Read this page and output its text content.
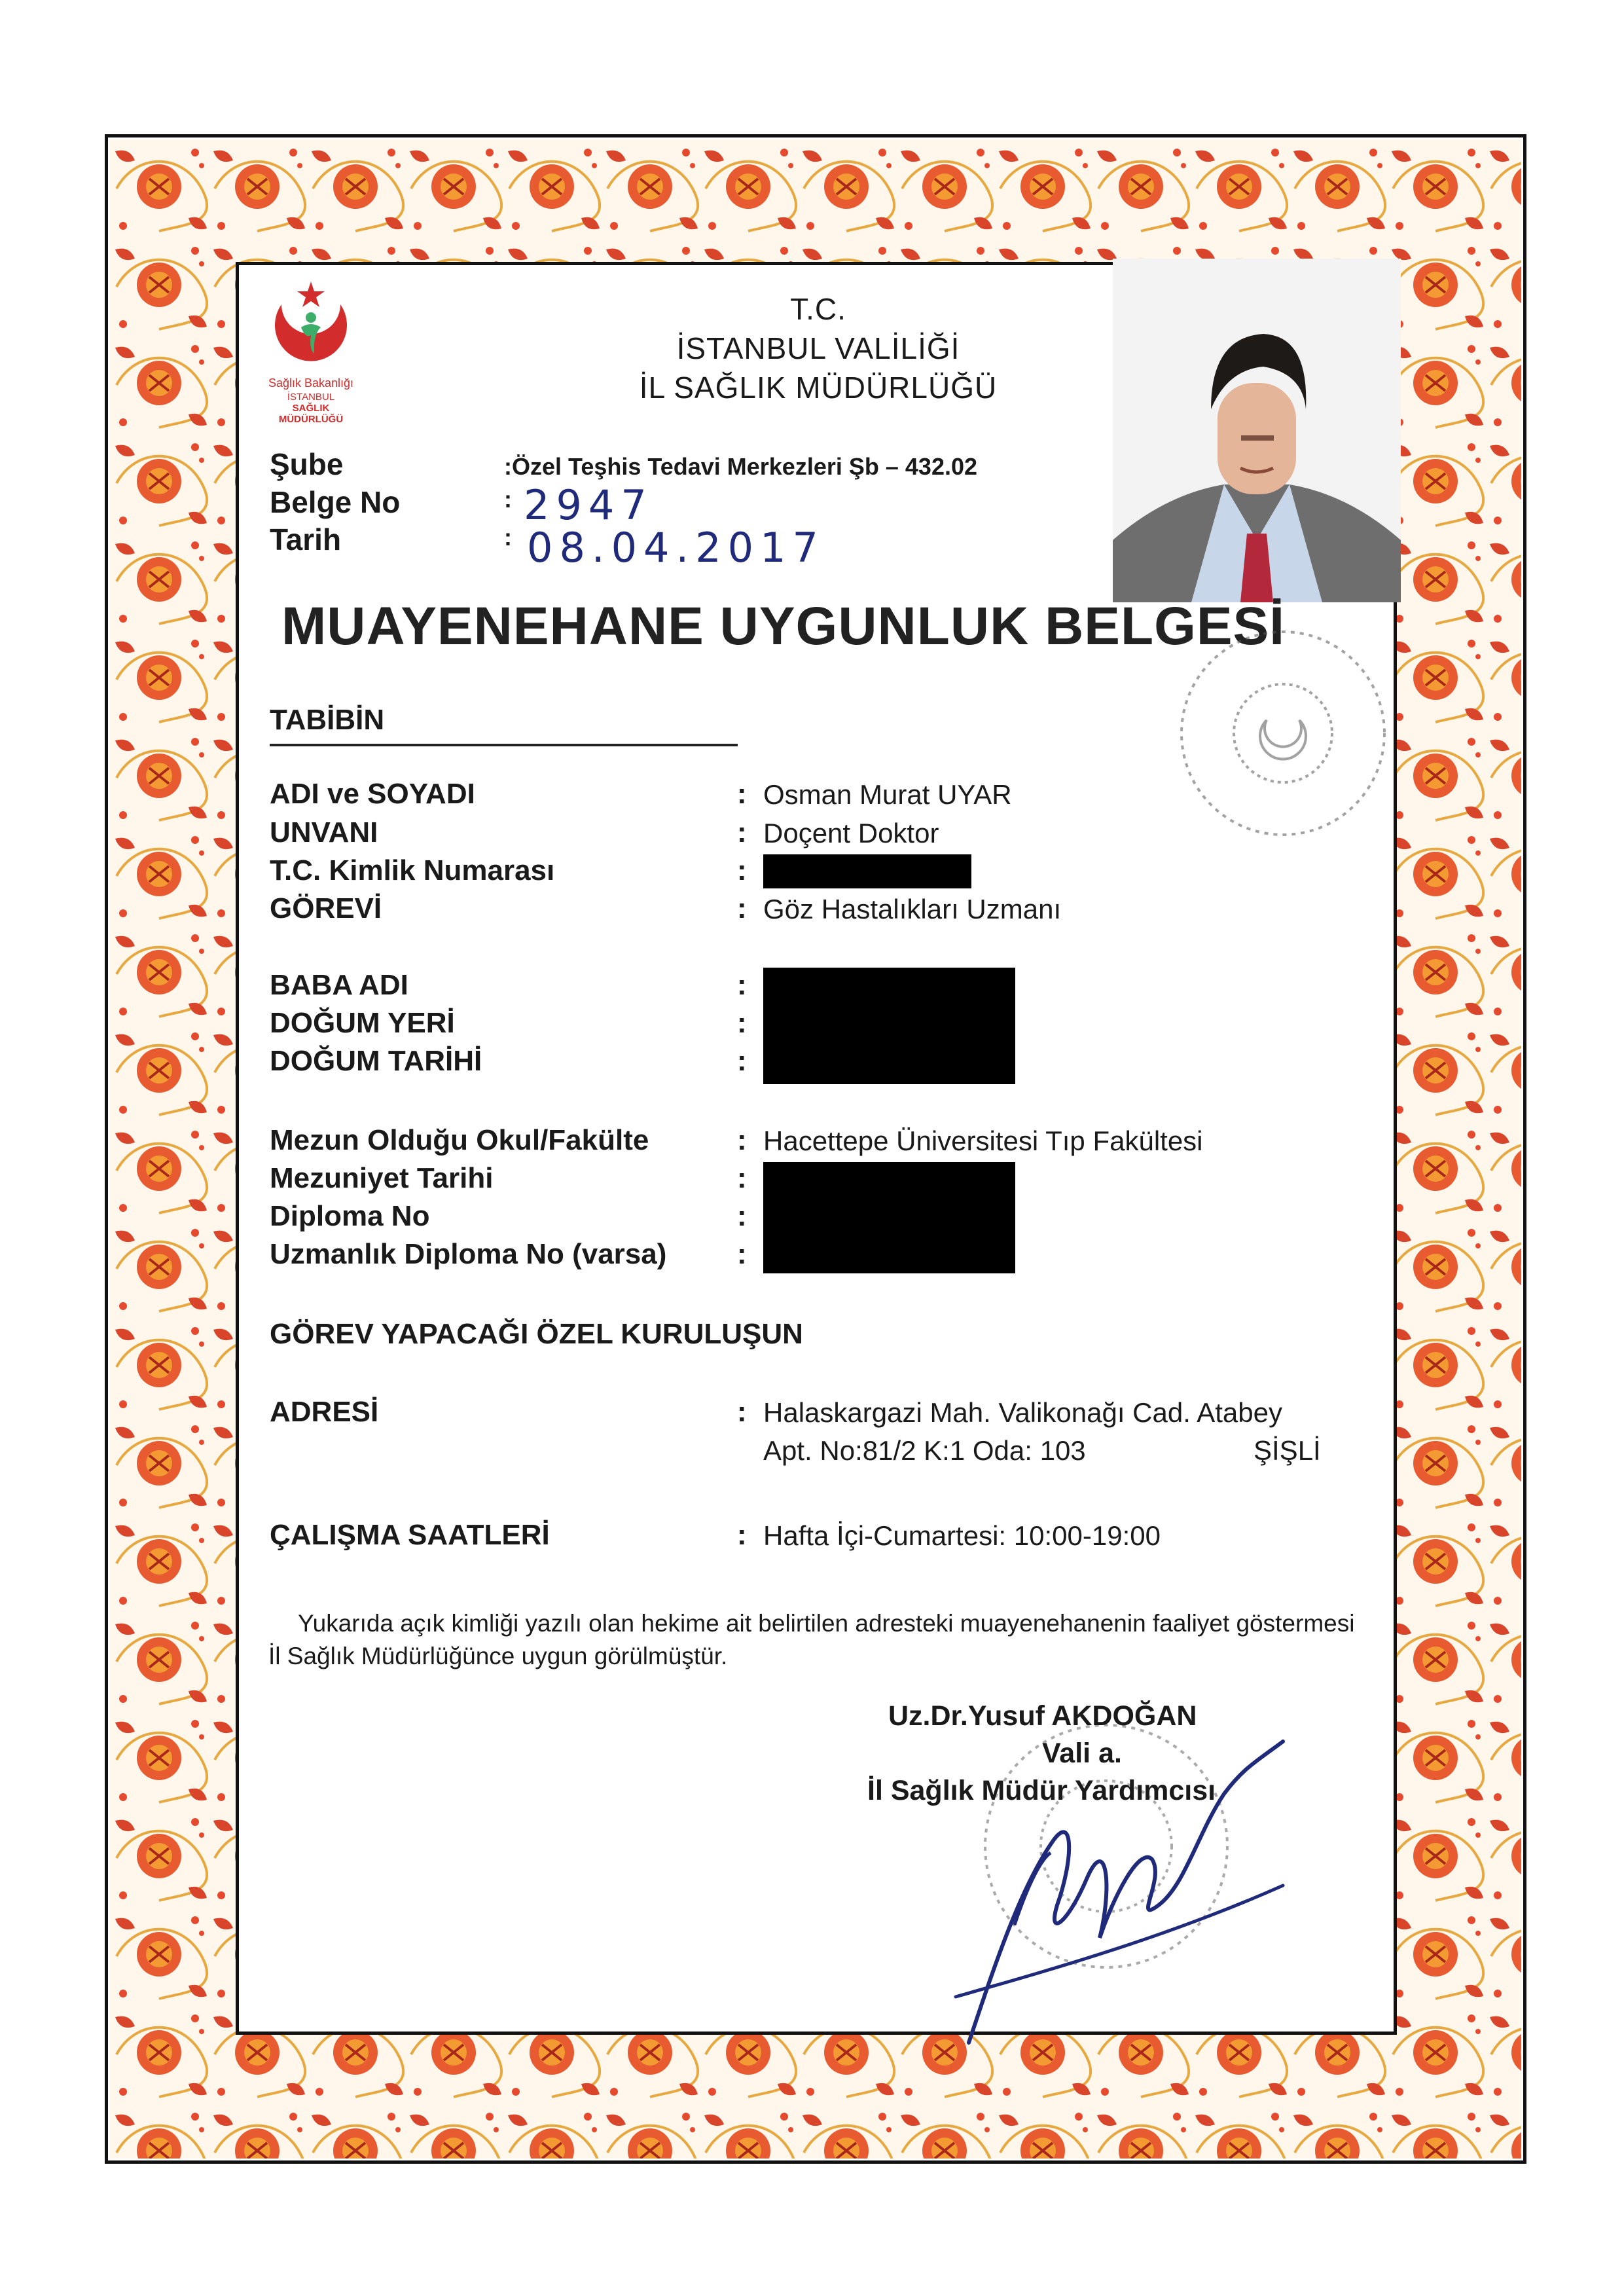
Sağlık Bakanlığı
İSTANBUL
SAĞLIK
MÜDÜRLÜĞÜ
T.C.
İSTANBUL VALİLİĞİ
İL SAĞLIK MÜDÜRLÜĞÜ
Şube	:Özel Teşhis Tedavi Merkezleri Şb – 432.02
Belge No	: 2947
Tarih	: 08.04.2017
MUAYENEHANE UYGUNLUK BELGESİ
TABİBİN
ADI ve SOYADI	: Osman Murat UYAR
UNVANI	: Doçent Doktor
T.C. Kimlik Numarası	:
GÖREVİ	: Göz Hastalıkları Uzmanı
BABA ADI	:
DOĞUM YERİ	:
DOĞUM TARİHİ	:
Mezun Olduğu Okul/Fakülte	: Hacettepe Üniversitesi Tıp Fakültesi
Mezuniyet Tarihi	:
Diploma No	:
Uzmanlık Diploma No (varsa) :
GÖREV YAPACAĞI ÖZEL KURULUŞUN
ADRESİ	: Halaskargazi Mah. Valikonağı Cad. Atabey
Apt. No:81/2 K:1 Oda: 103	ŞİŞLİ
ÇALIŞMA SAATLERİ	: Hafta İçi-Cumartesi: 10:00-19:00
Yukarıda açık kimliği yazılı olan hekime ait belirtilen adresteki muayenehanenin faaliyet göstermesi İl Sağlık Müdürlüğünce uygun görülmüştür.
Uz.Dr.Yusuf AKDOĞAN
Vali a.
İl Sağlık Müdür Yardımcısı
